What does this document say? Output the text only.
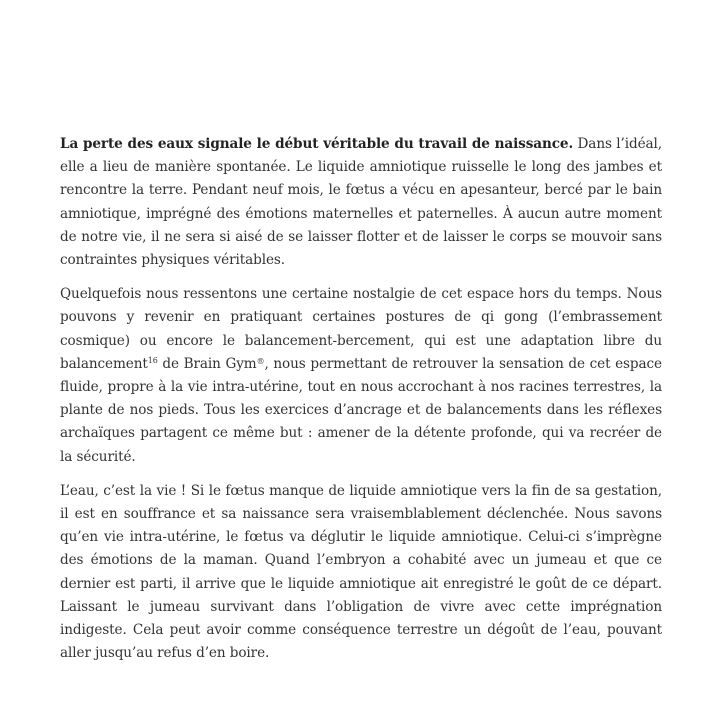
La perte des eaux signale le début véritable du travail de naissance. Dans l’idéal, elle a lieu de manière spontanée. Le liquide amniotique ruisselle le long des jambes et rencontre la terre. Pendant neuf mois, le fœtus a vécu en apesanteur, bercé par le bain amniotique, imprégné des émotions maternelles et paternelles. À aucun autre moment de notre vie, il ne sera si aisé de se laisser flotter et de laisser le corps se mouvoir sans contraintes physiques véritables.

Quelquefois nous ressentons une certaine nostalgie de cet espace hors du temps. Nous pouvons y revenir en pratiquant certaines postures de qi gong (l’embrassement cosmique) ou encore le balancement-bercement, qui est une adaptation libre du balancement$^{16}$ de Brain Gym®, nous permettant de retrouver la sensation de cet espace fluide, propre à la vie intra-utérine, tout en nous accrochant à nos racines terrestres, la plante de nos pieds. Tous les exercices d’ancrage et de balancements dans les réflexes archaïques partagent ce même but : amener de la détente profonde, qui va recréer de la sécurité.

L’eau, c’est la vie ! Si le fœtus manque de liquide amniotique vers la fin de sa gestation, il est en souffrance et sa naissance sera vraisemblablement déclenchée. Nous savons qu’en vie intra-utérine, le fœtus va déglutir le liquide amniotique. Celui-ci s’imprègne des émotions de la maman. Quand l’embryon a cohabité avec un jumeau et que ce dernier est parti, il arrive que le liquide amniotique ait enregistré le goût de ce départ. Laissant le jumeau survivant dans l’obligation de vivre avec cette imprégnation indigeste. Cela peut avoir comme conséquence terrestre un dégoût de l’eau, pouvant aller jusqu’au refus d’en boire.
